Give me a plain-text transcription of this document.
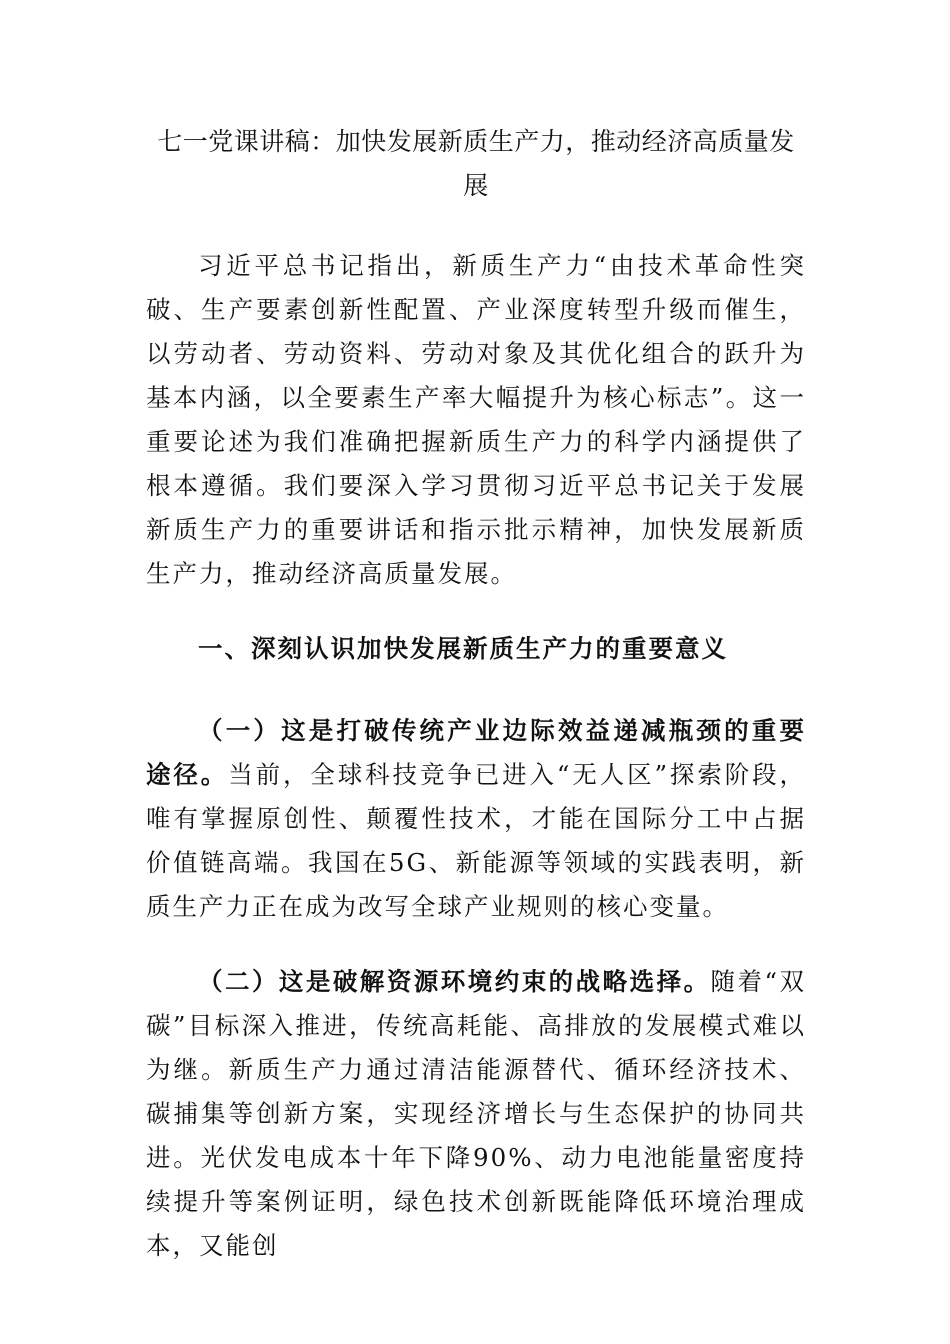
七一党课讲稿：加快发展新质生产力，推动经济高质量发
展

习近平总书记指出，新质生产力“由技术革命性突破、生产要素创新性配置、产业深度转型升级而催生，以劳动者、劳动资料、劳动对象及其优化组合的跃升为基本内涵，以全要素生产率大幅提升为核心标志”。这一重要论述为我们准确把握新质生产力的科学内涵提供了根本遵循。我们要深入学习贯彻习近平总书记关于发展新质生产力的重要讲话和指示批示精神，加快发展新质生产力，推动经济高质量发展。

一、深刻认识加快发展新质生产力的重要意义

（一）这是打破传统产业边际效益递减瓶颈的重要途径。当前，全球科技竞争已进入“无人区”探索阶段，唯有掌握原创性、颠覆性技术，才能在国际分工中占据价值链高端。我国在5G、新能源等领域的实践表明，新质生产力正在成为改写全球产业规则的核心变量。

（二）这是破解资源环境约束的战略选择。随着“双碳”目标深入推进，传统高耗能、高排放的发展模式难以为继。新质生产力通过清洁能源替代、循环经济技术、碳捕集等创新方案，实现经济增长与生态保护的协同共进。光伏发电成本十年下降90%、动力电池能量密度持续提升等案例证明，绿色技术创新既能降低环境治理成本，又能创
